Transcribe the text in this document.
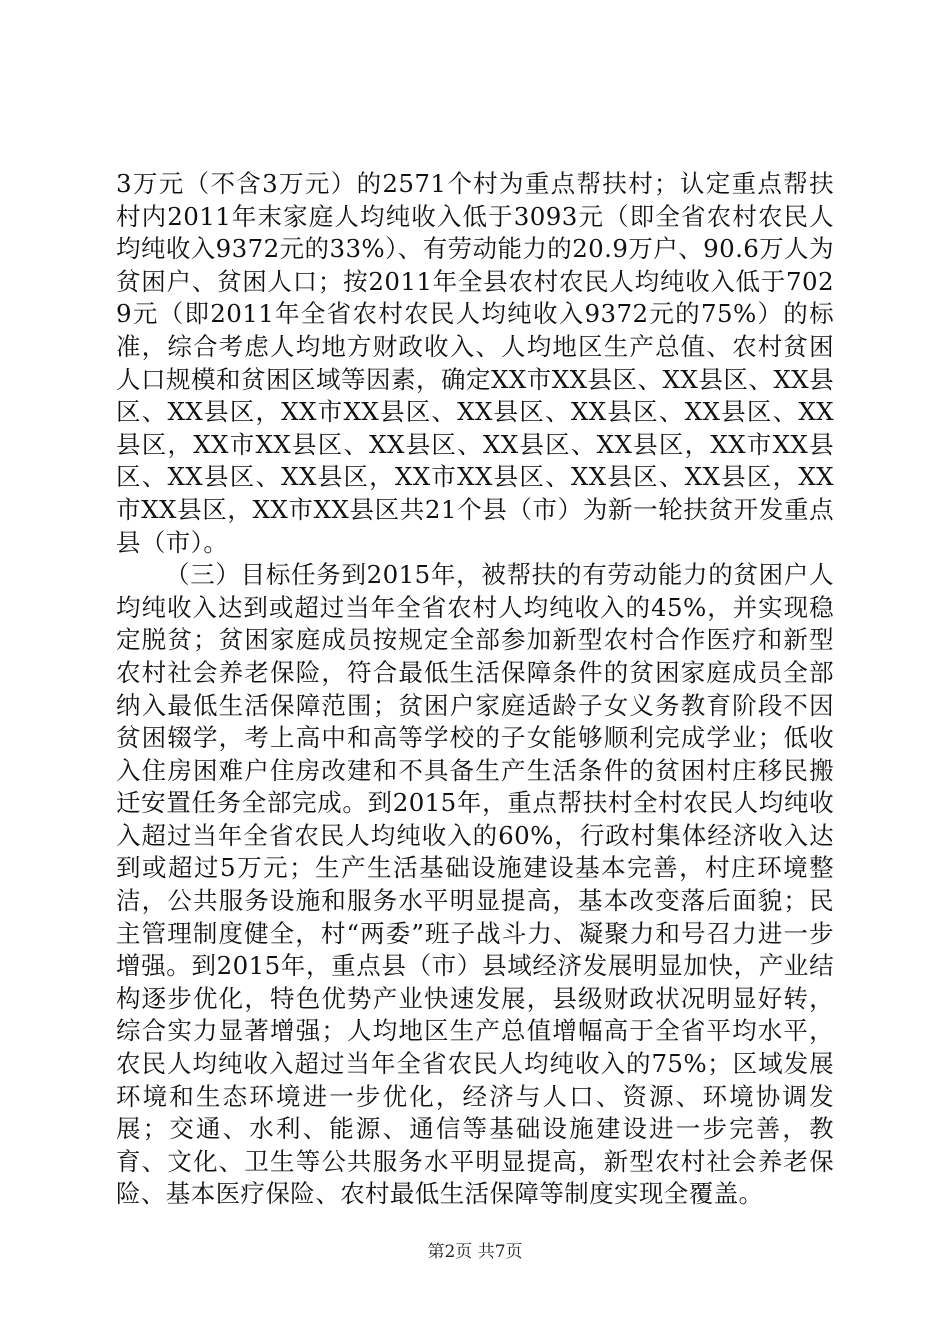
3万元（不含3万元）的2571个村为重点帮扶村；认定重点帮扶村内2011年末家庭人均纯收入低于3093元（即全省农村农民人均纯收入9372元的33%）、有劳动能力的20.9万户、90.6万人为贫困户、贫困人口；按2011年全县农村农民人均纯收入低于7029元（即2011年全省农村农民人均纯收入9372元的75%）的标准，综合考虑人均地方财政收入、人均地区生产总值、农村贫困人口规模和贫困区域等因素，确定XX市XX县区、XX县区、XX县区、XX县区，XX市XX县区、XX县区、XX县区、XX县区、XX县区，XX市XX县区、XX县区、XX县区、XX县区，XX市XX县区、XX县区、XX县区，XX市XX县区、XX县区、XX县区，XX市XX县区，XX市XX县区共21个县（市）为新一轮扶贫开发重点县（市）。

（三）目标任务到2015年，被帮扶的有劳动能力的贫困户人均纯收入达到或超过当年全省农村人均纯收入的45%，并实现稳定脱贫；贫困家庭成员按规定全部参加新型农村合作医疗和新型农村社会养老保险，符合最低生活保障条件的贫困家庭成员全部纳入最低生活保障范围；贫困户家庭适龄子女义务教育阶段不因贫困辍学，考上高中和高等学校的子女能够顺利完成学业；低收入住房困难户住房改建和不具备生产生活条件的贫困村庄移民搬迁安置任务全部完成。到2015年，重点帮扶村全村农民人均纯收入超过当年全省农民人均纯收入的60%，行政村集体经济收入达到或超过5万元；生产生活基础设施建设基本完善，村庄环境整洁，公共服务设施和服务水平明显提高，基本改变落后面貌；民主管理制度健全，村“两委”班子战斗力、凝聚力和号召力进一步增强。到2015年，重点县（市）县域经济发展明显加快，产业结构逐步优化，特色优势产业快速发展，县级财政状况明显好转，综合实力显著增强；人均地区生产总值增幅高于全省平均水平，农民人均纯收入超过当年全省农民人均纯收入的75%；区域发展环境和生态环境进一步优化，经济与人口、资源、环境协调发展；交通、水利、能源、通信等基础设施建设进一步完善，教育、文化、卫生等公共服务水平明显提高，新型农村社会养老保险、基本医疗保险、农村最低生活保障等制度实现全覆盖。

第2页 共7页
